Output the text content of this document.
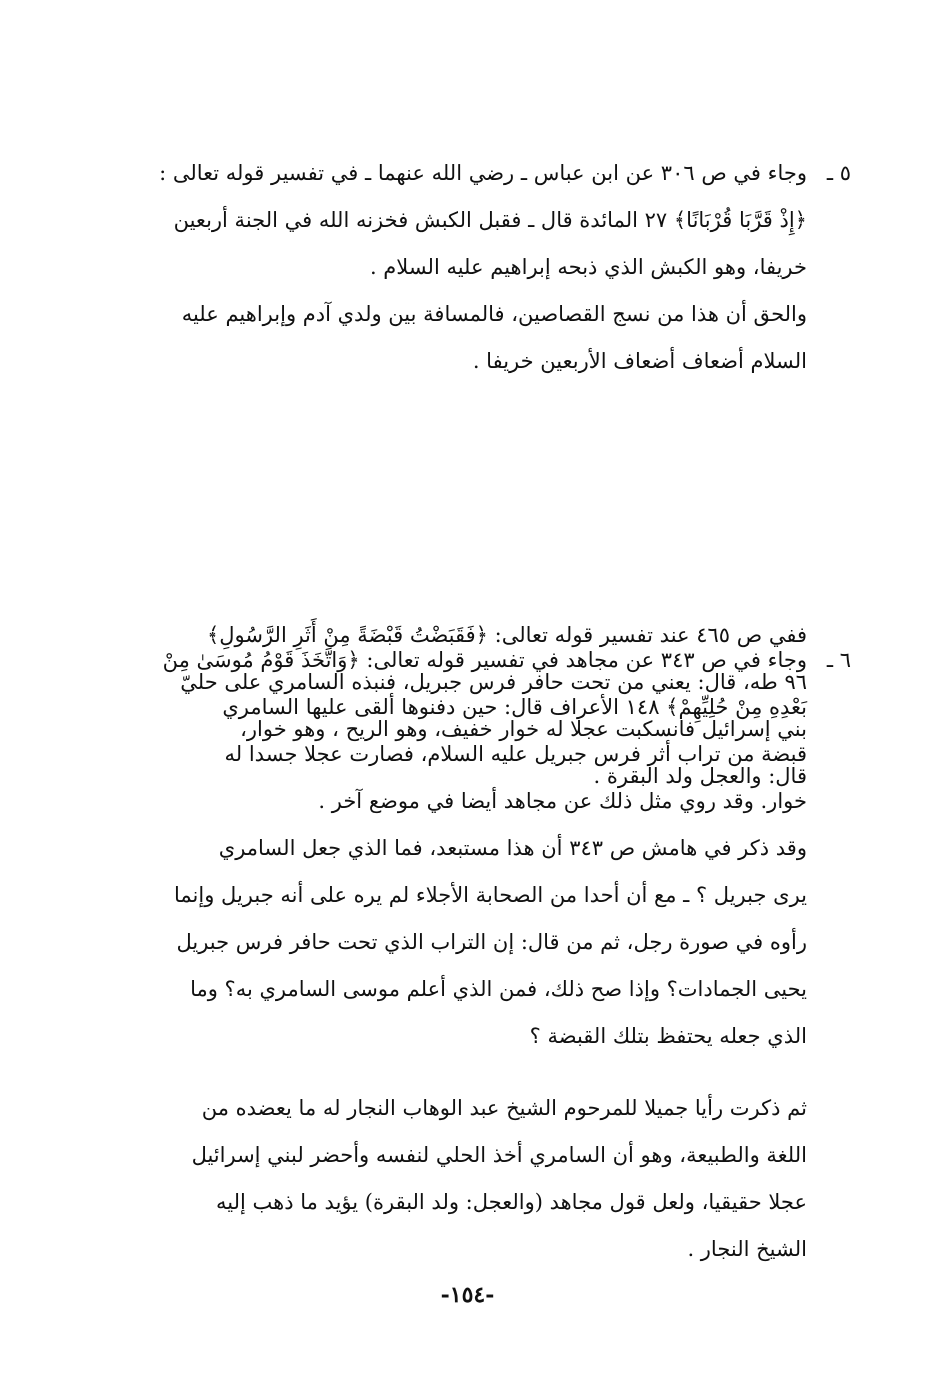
٥ ـ

وجاء في ص ٣٠٦ عن ابن عباس ـ رضي الله عنهما ـ في تفسير قوله تعالى :

﴿إِذْ قَرَّبَا قُرْبَانًا﴾ ٢٧ المائدة قال ـ فقبل الكبش فخزنه الله في الجنة أربعين

خريفا، وهو الكبش الذي ذبحه إبراهيم عليه السلام .

والحق أن هذا من نسج القصاصين، فالمسافة بين ولدي آدم وإبراهيم عليه

السلام أضعاف أضعاف الأربعين خريفا .

٦ ـ

وجاء في ص ٣٤٣ عن مجاهد في تفسير قوله تعالى: ﴿وَاتَّخَذَ قَوْمُ مُوسَىٰ مِنْ

بَعْدِهِ مِنْ حُلِيِّهِمْ﴾ ١٤٨ الأعراف قال: حين دفنوها ألقى عليها السامري

قبضة من تراب أثر فرس جبريل عليه السلام، فصارت عجلا جسدا له

خوار. وقد روي مثل ذلك عن مجاهد أيضا في موضع آخر .

ففي ص ٤٦٥ عند تفسير قوله تعالى: ﴿فَقَبَضْتُ قَبْضَةً مِنْ أَثَرِ الرَّسُولِ﴾

٩٦ طه، قال: يعني من تحت حافر فرس جبريل، فنبذه السامري على حليّ

بني إسرائيل فانسكبت عجلا له خوار خفيف، وهو الريح ، وهو خوار،

قال: والعجل ولد البقرة .

وقد ذكر في هامش ص ٣٤٣ أن هذا مستبعد، فما الذي جعل السامري

يرى جبريل ؟ ـ مع أن أحدا من الصحابة الأجلاء لم يره على أنه جبريل وإنما

رأوه في صورة رجل، ثم من قال: إن التراب الذي تحت حافر فرس جبريل

يحيى الجمادات؟ وإذا صح ذلك، فمن الذي أعلم موسى السامري به؟ وما

الذي جعله يحتفظ بتلك القبضة ؟

ثم ذكرت رأيا جميلا للمرحوم الشيخ عبد الوهاب النجار له ما يعضده من

اللغة والطبيعة، وهو أن السامري أخذ الحلي لنفسه وأحضر لبني إسرائيل

عجلا حقيقيا، ولعل قول مجاهد (والعجل: ولد البقرة) يؤيد ما ذهب إليه

الشيخ النجار .

-١٥٤-
